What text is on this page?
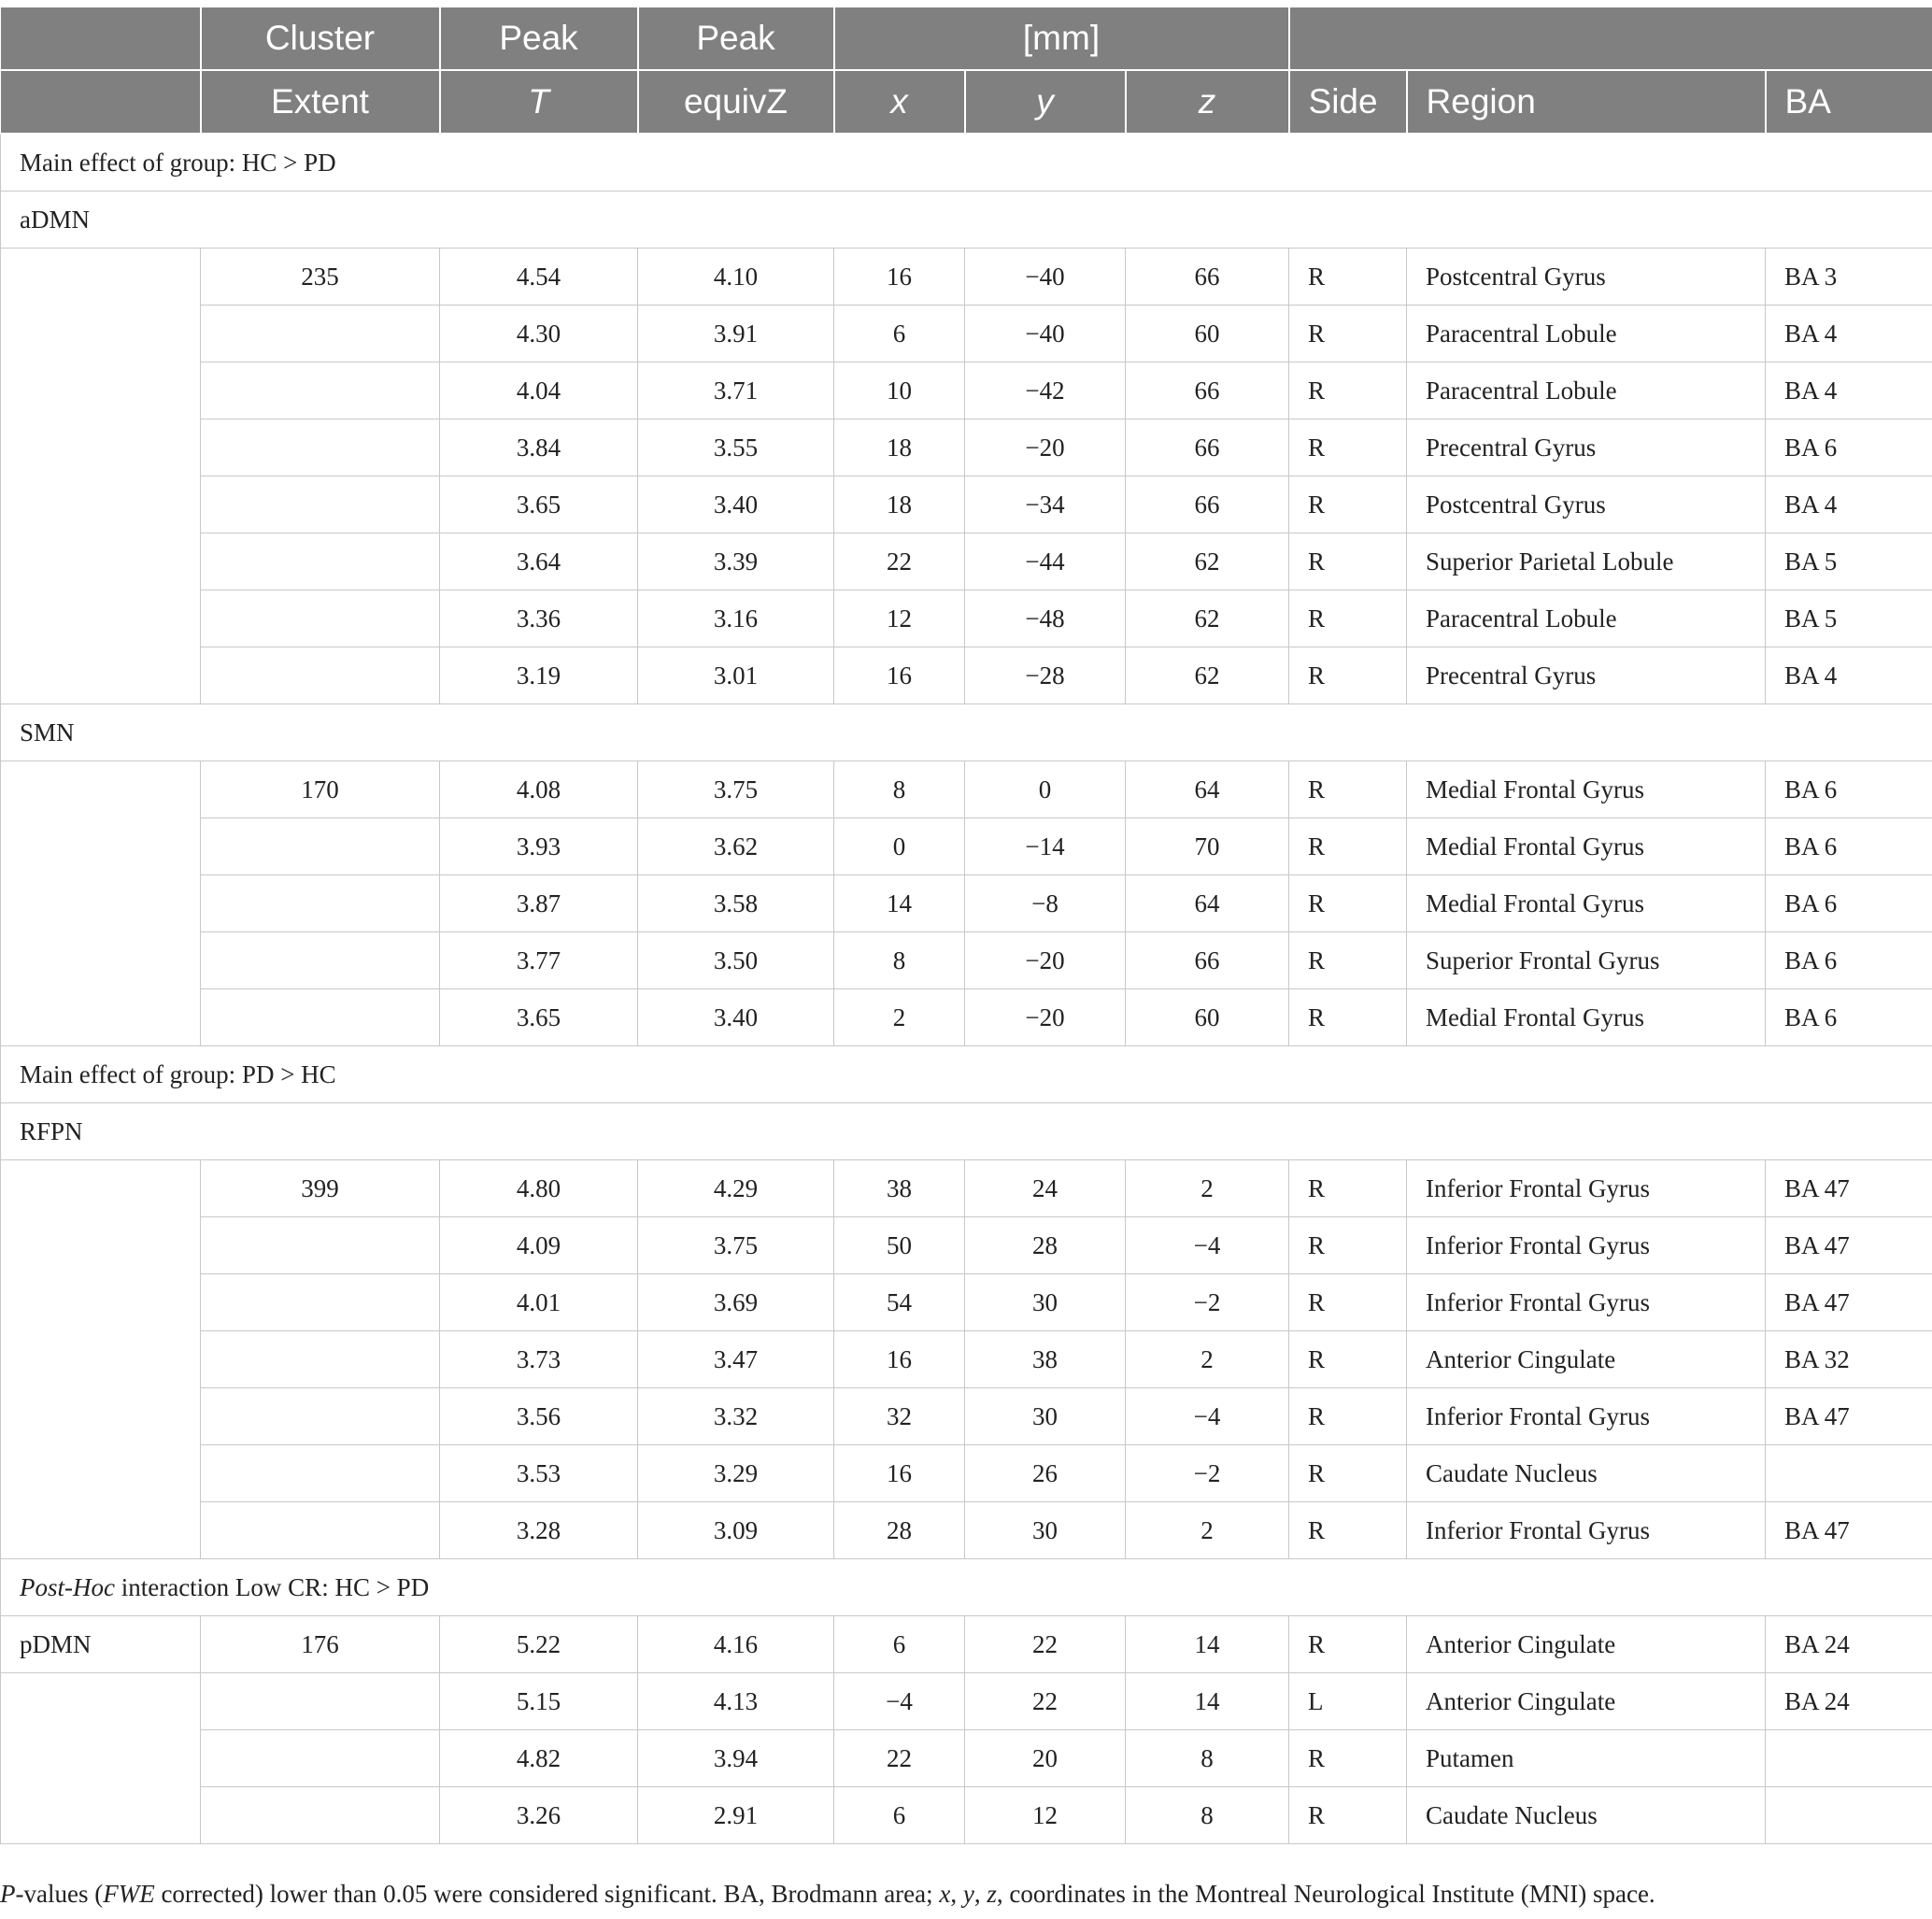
	Cluster	Peak	Peak	[mm]					
	Extent	T	equivZ	x	y	z	Side	Region	BA
Main effect of group: HC > PD									
aDMN									
	235	4.54	4.10	16	−40	66	R	Postcentral Gyrus	BA 3
		4.30	3.91	6	−40	60	R	Paracentral Lobule	BA 4
		4.04	3.71	10	−42	66	R	Paracentral Lobule	BA 4
		3.84	3.55	18	−20	66	R	Precentral Gyrus	BA 6
		3.65	3.40	18	−34	66	R	Postcentral Gyrus	BA 4
		3.64	3.39	22	−44	62	R	Superior Parietal Lobule	BA 5
		3.36	3.16	12	−48	62	R	Paracentral Lobule	BA 5
		3.19	3.01	16	−28	62	R	Precentral Gyrus	BA 4
SMN									
	170	4.08	3.75	8	0	64	R	Medial Frontal Gyrus	BA 6
		3.93	3.62	0	−14	70	R	Medial Frontal Gyrus	BA 6
		3.87	3.58	14	−8	64	R	Medial Frontal Gyrus	BA 6
		3.77	3.50	8	−20	66	R	Superior Frontal Gyrus	BA 6
		3.65	3.40	2	−20	60	R	Medial Frontal Gyrus	BA 6
Main effect of group: PD > HC									
RFPN									
	399	4.80	4.29	38	24	2	R	Inferior Frontal Gyrus	BA 47
		4.09	3.75	50	28	−4	R	Inferior Frontal Gyrus	BA 47
		4.01	3.69	54	30	−2	R	Inferior Frontal Gyrus	BA 47
		3.73	3.47	16	38	2	R	Anterior Cingulate	BA 32
		3.56	3.32	32	30	−4	R	Inferior Frontal Gyrus	BA 47
		3.53	3.29	16	26	−2	R	Caudate Nucleus	
		3.28	3.09	28	30	2	R	Inferior Frontal Gyrus	BA 47
Post-Hoc interaction Low CR: HC > PD									
pDMN	176	5.22	4.16	6	22	14	R	Anterior Cingulate	BA 24
		5.15	4.13	−4	22	14	L	Anterior Cingulate	BA 24
		4.82	3.94	22	20	8	R	Putamen	
		3.26	2.91	6	12	8	R	Caudate Nucleus	
P-values (FWE corrected) lower than 0.05 were considered significant. BA, Brodmann area; x, y, z, coordinates in the Montreal Neurological Institute (MNI) space.
